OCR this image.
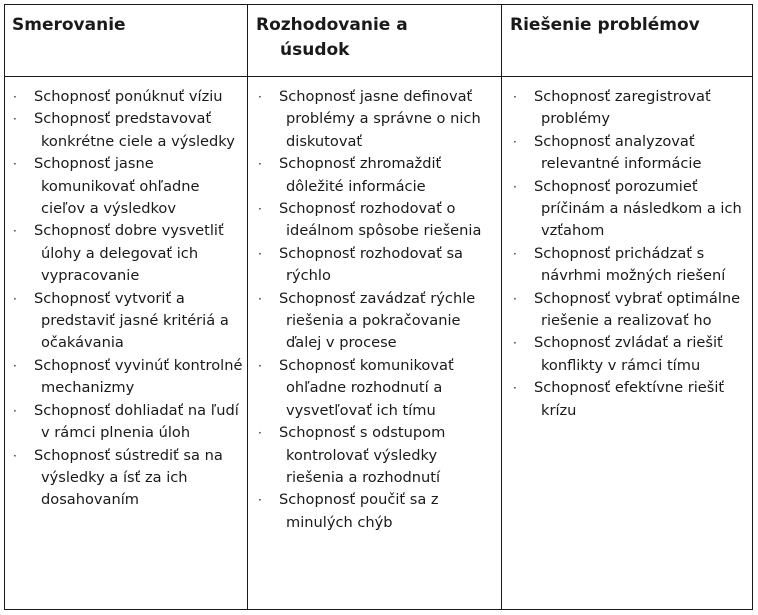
Smerovanie
· Schopnosť ponúknuť víziu
· Schopnosť predstavovať konkrétne ciele a výsledky
· Schopnosť jasne komunikovať ohľadne cieľov a výsledkov
· Schopnosť dobre vysvetliť úlohy a delegovať ich vypracovanie
· Schopnosť vytvoriť a predstaviť jasné kritériá a očakávania
· Schopnosť vyvinúť kontrolné mechanizmy
· Schopnosť dohliadať na ľudí v rámci plnenia úloh
· Schopnosť sústrediť sa na výsledky a ísť za ich dosahovaním
Rozhodovanie a
úsudok
· Schopnosť jasne definovať problémy a správne o nich diskutovať
· Schopnosť zhromaždiť dôležité informácie
· Schopnosť rozhodovať o ideálnom spôsobe riešenia
· Schopnosť rozhodovať sa rýchlo
· Schopnosť zavádzať rýchle riešenia a pokračovanie ďalej v procese
· Schopnosť komunikovať ohľadne rozhodnutí a vysvetľovať ich tímu
· Schopnosť s odstupom kontrolovať výsledky riešenia a rozhodnutí
· Schopnosť poučiť sa z minulých chýb
Riešenie problémov
· Schopnosť zaregistrovať problémy
· Schopnosť analyzovať relevantné informácie
· Schopnosť porozumieť príčinám a následkom a ich vzťahom
· Schopnosť prichádzať s návrhmi možných riešení
· Schopnosť vybrať optimálne riešenie a realizovať ho
· Schopnosť zvládať a riešiť konflikty v rámci tímu
· Schopnosť efektívne riešiť krízu
